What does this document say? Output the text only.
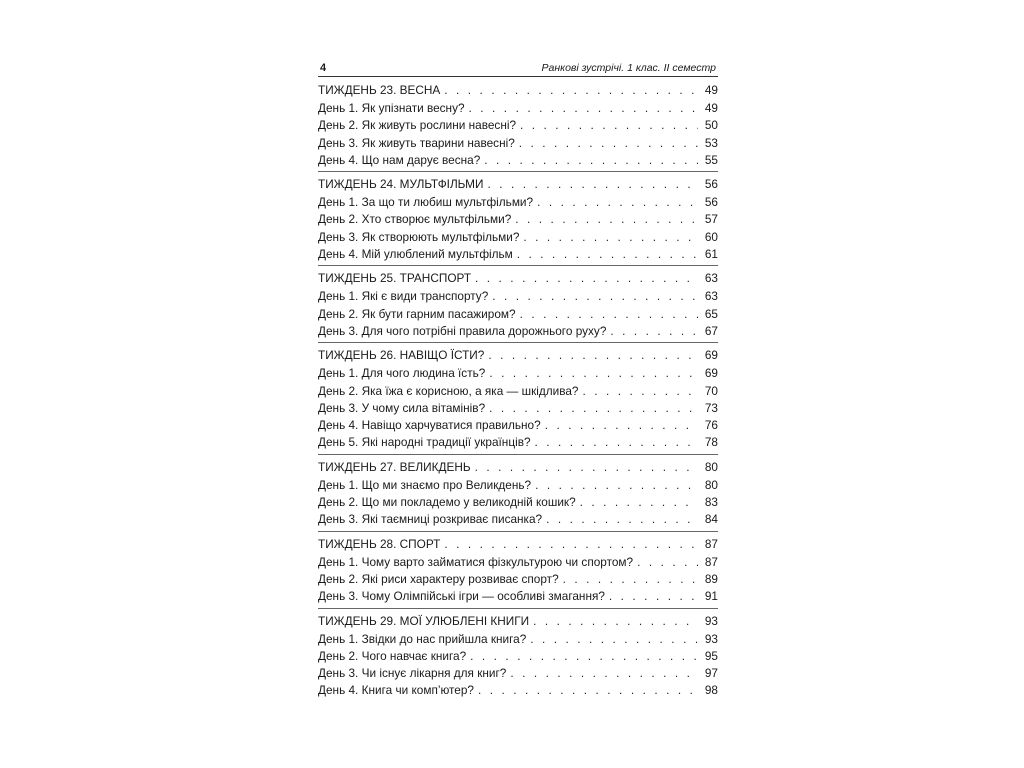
4	Ранкові зустрічі. 1 клас. ІІ семестр
ТИЖДЕНЬ 23. ВЕСНА . . .	49
День 1. Як упізнати весну? . . .	49
День 2. Як живуть рослини навесні? . . .	50
День 3. Як живуть тварини навесні? . . .	53
День 4. Що нам дарує весна? . . .	55
ТИЖДЕНЬ 24. МУЛЬТФІЛЬМИ . . .	56
День 1. За що ти любиш мультфільми? . . .	56
День 2. Хто створює мультфільми? . . .	57
День 3. Як створюють мультфільми? . . .	60
День 4. Мій улюблений мультфільм . . .	61
ТИЖДЕНЬ 25. ТРАНСПОРТ . . .	63
День 1. Які є види транспорту? . . .	63
День 2. Як бути гарним пасажиром? . . .	65
День 3. Для чого потрібні правила дорожнього руху? . . .	67
ТИЖДЕНЬ 26. НАВІЩО ЇСТИ? . . .	69
День 1. Для чого людина їсть? . . .	69
День 2. Яка їжа є корисною, а яка — шкідлива? . . .	70
День 3. У чому сила вітамінів? . . .	73
День 4. Навіщо харчуватися правильно? . . .	76
День 5. Які народні традиції українців? . . .	78
ТИЖДЕНЬ 27. ВЕЛИКДЕНЬ . . .	80
День 1. Що ми знаємо про Великдень? . . .	80
День 2. Що ми покладемо у великодній кошик? . . .	83
День 3. Які таємниці розкриває писанка? . . .	84
ТИЖДЕНЬ 28. СПОРТ . . .	87
День 1. Чому варто займатися фізкультурою чи спортом? . . .	87
День 2. Які риси характеру розвиває спорт? . . .	89
День 3. Чому Олімпійські ігри — особливі змагання? . . .	91
ТИЖДЕНЬ 29. МОЇ УЛЮБЛЕНІ КНИГИ . . .	93
День 1. Звідки до нас прийшла книга? . . .	93
День 2. Чого навчає книга? . . .	95
День 3. Чи існує лікарня для книг? . . .	97
День 4. Книга чи комп’ютер? . . .	98
